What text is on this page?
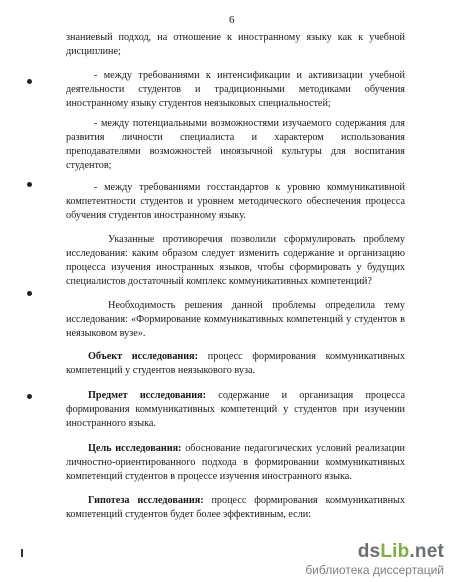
6
знаниевый подход, на отношение к иностранному языку как к учебной
дисциплине;
- между требованиями к интенсификации и активизации учебной
деятельности студентов и традиционными методиками обучения
иностранному языку студентов неязыковых специальностей;
- между потенциальными возможностями изучаемого содержания для
развития личности специалиста и характером использования
преподавателями возможностей иноязычной культуры для воспитания
студентов;
- между требованиями госстандартов к уровню коммуникативной
компетентности студентов и уровнем методического обеспечения процесса
обучения студентов иностранному языку.
Указанные противоречия позволили сформулировать проблему
исследования: каким образом следует изменить содержание и организацию
процесса изучения иностранных языков, чтобы сформировать у будущих
специалистов достаточный комплекс коммуникативных компетенций?
Необходимость решения данной проблемы определила тему
исследования: «Формирование коммуникативных компетенций у студентов в
неязыковом вузе».
Объект исследования: процесс формирования коммуникативных
компетенций у студентов неязыкового вуза.
Предмет исследования: содержание и организация процесса
формирования коммуникативных компетенций у студентов при изучении
иностранного языка.
Цель исследования: обоснование педагогических условий реализации
личностно-ориентированного подхода в формировании коммуникативных
компетенций студентов в процессе изучения иностранного языка.
Гипотеза исследования: процесс формирования коммуникативных
компетенций студентов будет более эффективным, если:
dsLib.net
библиотека диссертаций
